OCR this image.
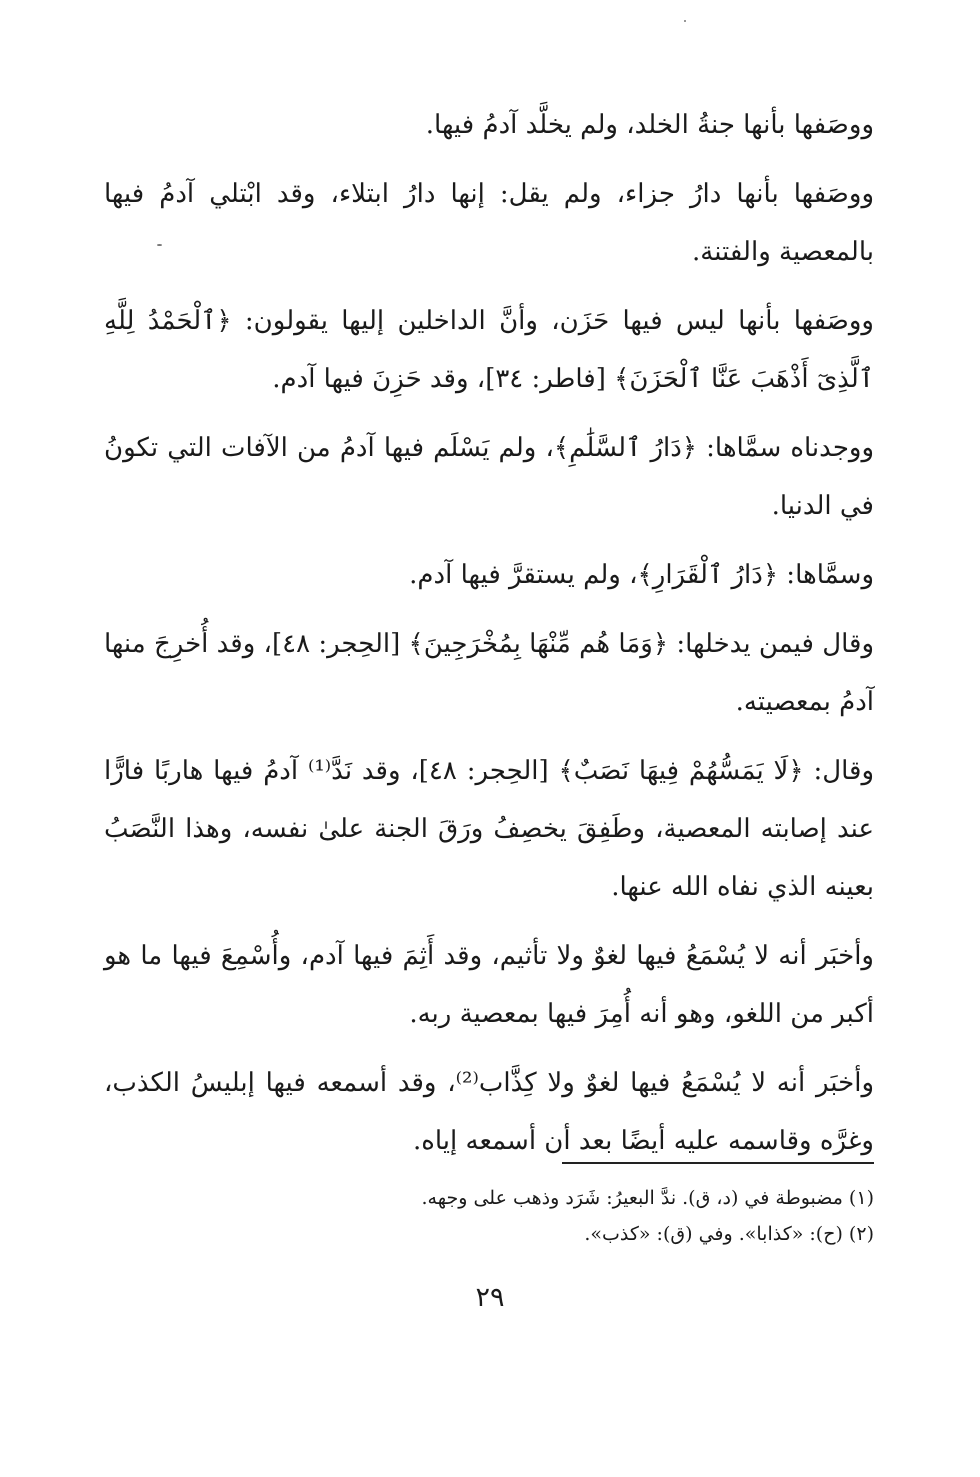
ووصَفها بأنها جنةُ الخلد، ولم يخلَّد آدمُ فيها.

ووصَفها بأنها دارُ جزاء، ولم يقل: إنها دارُ ابتلاء، وقد ابْتلي آدمُ فيها بالمعصية والفتنة.

ووصَفها بأنها ليس فيها حَزَن، وأنَّ الداخلين إليها يقولون: ﴿ٱلْحَمْدُ لِلَّهِ ٱلَّذِىٓ أَذْهَبَ عَنَّا ٱلْحَزَنَ﴾ [فاطر: ٣٤]، وقد حَزِنَ فيها آدم.

ووجدناه سمَّاها: ﴿دَارُ ٱلسَّلَٰمِ﴾، ولم يَسْلَم فيها آدمُ من الآفات التي تكونُ في الدنيا.

وسمَّاها: ﴿دَارُ ٱلْقَرَارِ﴾، ولم يستقرَّ فيها آدم.

وقال فيمن يدخلها: ﴿وَمَا هُم مِّنْهَا بِمُخْرَجِينَ﴾ [الحِجر: ٤٨]، وقد أُخرِجَ منها آدمُ بمعصيته.

وقال: ﴿لَا يَمَسُّهُمْ فِيهَا نَصَبٌ﴾ [الحِجر: ٤٨]، وقد نَدَّ⁽¹⁾ آدمُ فيها هاربًا فارًّا عند إصابته المعصية، وطَفِقَ يخصِفُ ورَقَ الجنة علىٰ نفسه، وهذا النَّصَبُ بعينه الذي نفاه الله عنها.

وأخبَر أنه لا يُسْمَعُ فيها لغوٌ ولا تأثيم، وقد أَثِمَ فيها آدم، وأُسْمِعَ فيها ما هو أكبر من اللغو، وهو أنه أُمِرَ فيها بمعصية ربه.

وأخبَر أنه لا يُسْمَعُ فيها لغوٌ ولا كِذَّاب⁽²⁾، وقد أسمعه فيها إبليسُ الكذب، وغرَّه وقاسمه عليه أيضًا بعد أن أسمعه إياه.

(١) مضبوطة في (د، ق). ندَّ البعيرُ: شَرَد وذهب على وجهه.

(٢) (ح): «كذابا». وفي (ق): «كذب».

٢٩
